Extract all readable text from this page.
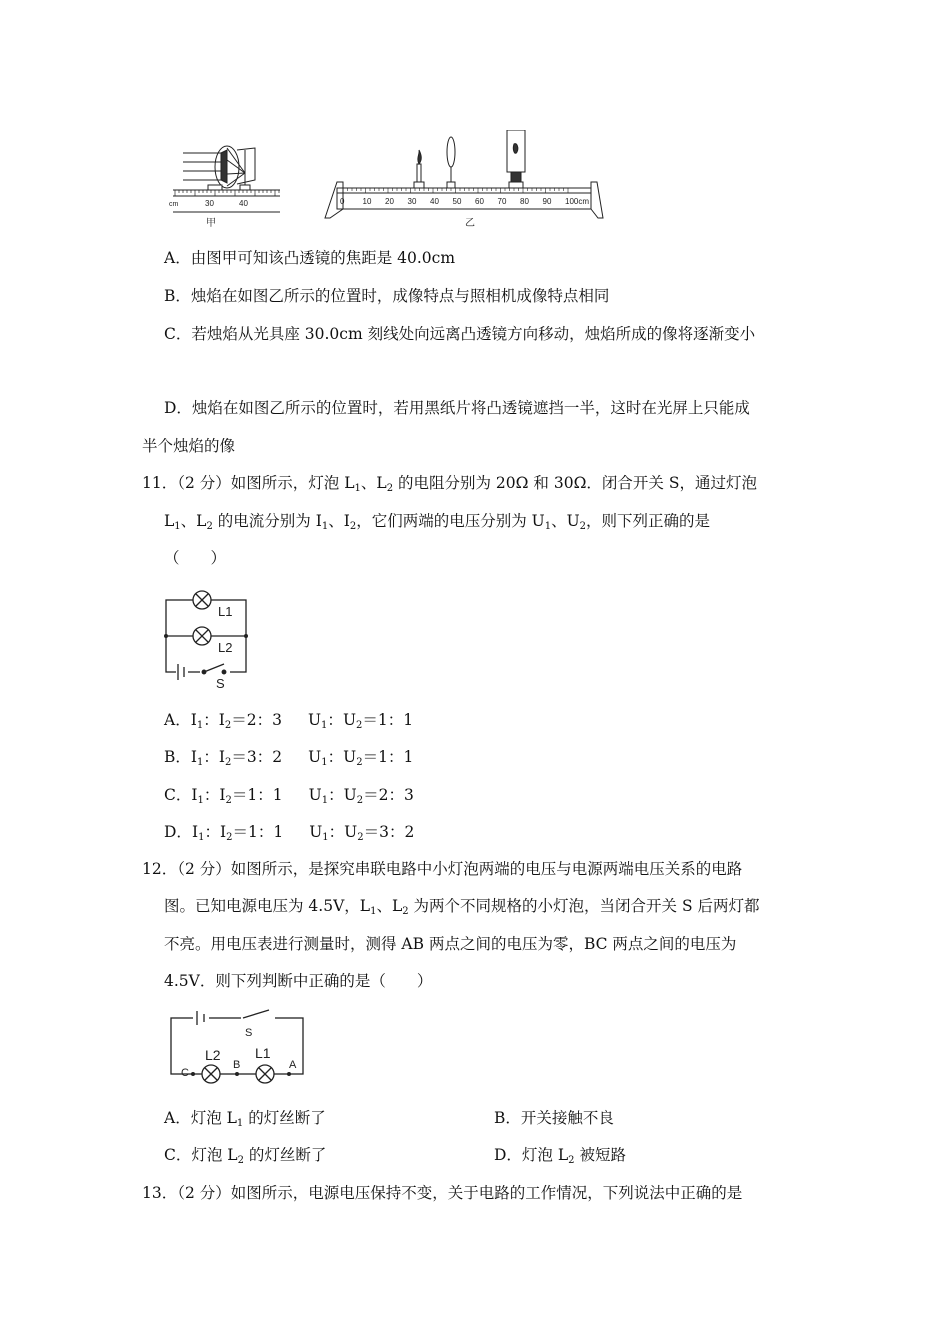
cm	30	40
甲
0 10 20 30 40 50 60 70 80 90 100cm
乙
A．由图甲可知该凸透镜的焦距是 40.0cm
B．烛焰在如图乙所示的位置时，成像特点与照相机成像特点相同
C．若烛焰从光具座 30.0cm 刻线处向远离凸透镜方向移动，烛焰所成的像将逐渐变小
D．烛焰在如图乙所示的位置时，若用黑纸片将凸透镜遮挡一半，这时在光屏上只能成
半个烛焰的像
11．（2 分）如图所示，灯泡 $L_1$、$L_2$ 的电阻分别为 20Ω 和 30Ω．闭合开关 S，通过灯泡
$L_1$、$L_2$ 的电流分别为 $I_1$、$I_2$，它们两端的电压分别为 $U_1$、$U_2$，则下列正确的是
（　　）
L1
L2
S
A．$I_1$：$I_2=2$：3 $U_1$：$U_2=1$：1
B．$I_1$：$I_2=3$：2 $U_1$：$U_2=1$：1
C．$I_1$：$I_2=1$：1 $U_1$：$U_2=2$：3
D．$I_1$：$I_2=1$：1 $U_1$：$U_2=3$：2
12．（2 分）如图所示，是探究串联电路中小灯泡两端的电压与电源两端电压关系的电路
图。已知电源电压为 4.5V，$L_1$、$L_2$ 为两个不同规格的小灯泡，当闭合开关 S 后两灯都
不亮。用电压表进行测量时，测得 AB 两点之间的电压为零，BC 两点之间的电压为
4.5V．则下列判断中正确的是（　　）
S
L2 L1
A
B
C
A．灯泡 $L_1$ 的灯丝断了	B．开关接触不良
C．灯泡 $L_2$ 的灯丝断了	D．灯泡 $L_2$ 被短路
13．（2 分）如图所示，电源电压保持不变，关于电路的工作情况，下列说法中正确的是
